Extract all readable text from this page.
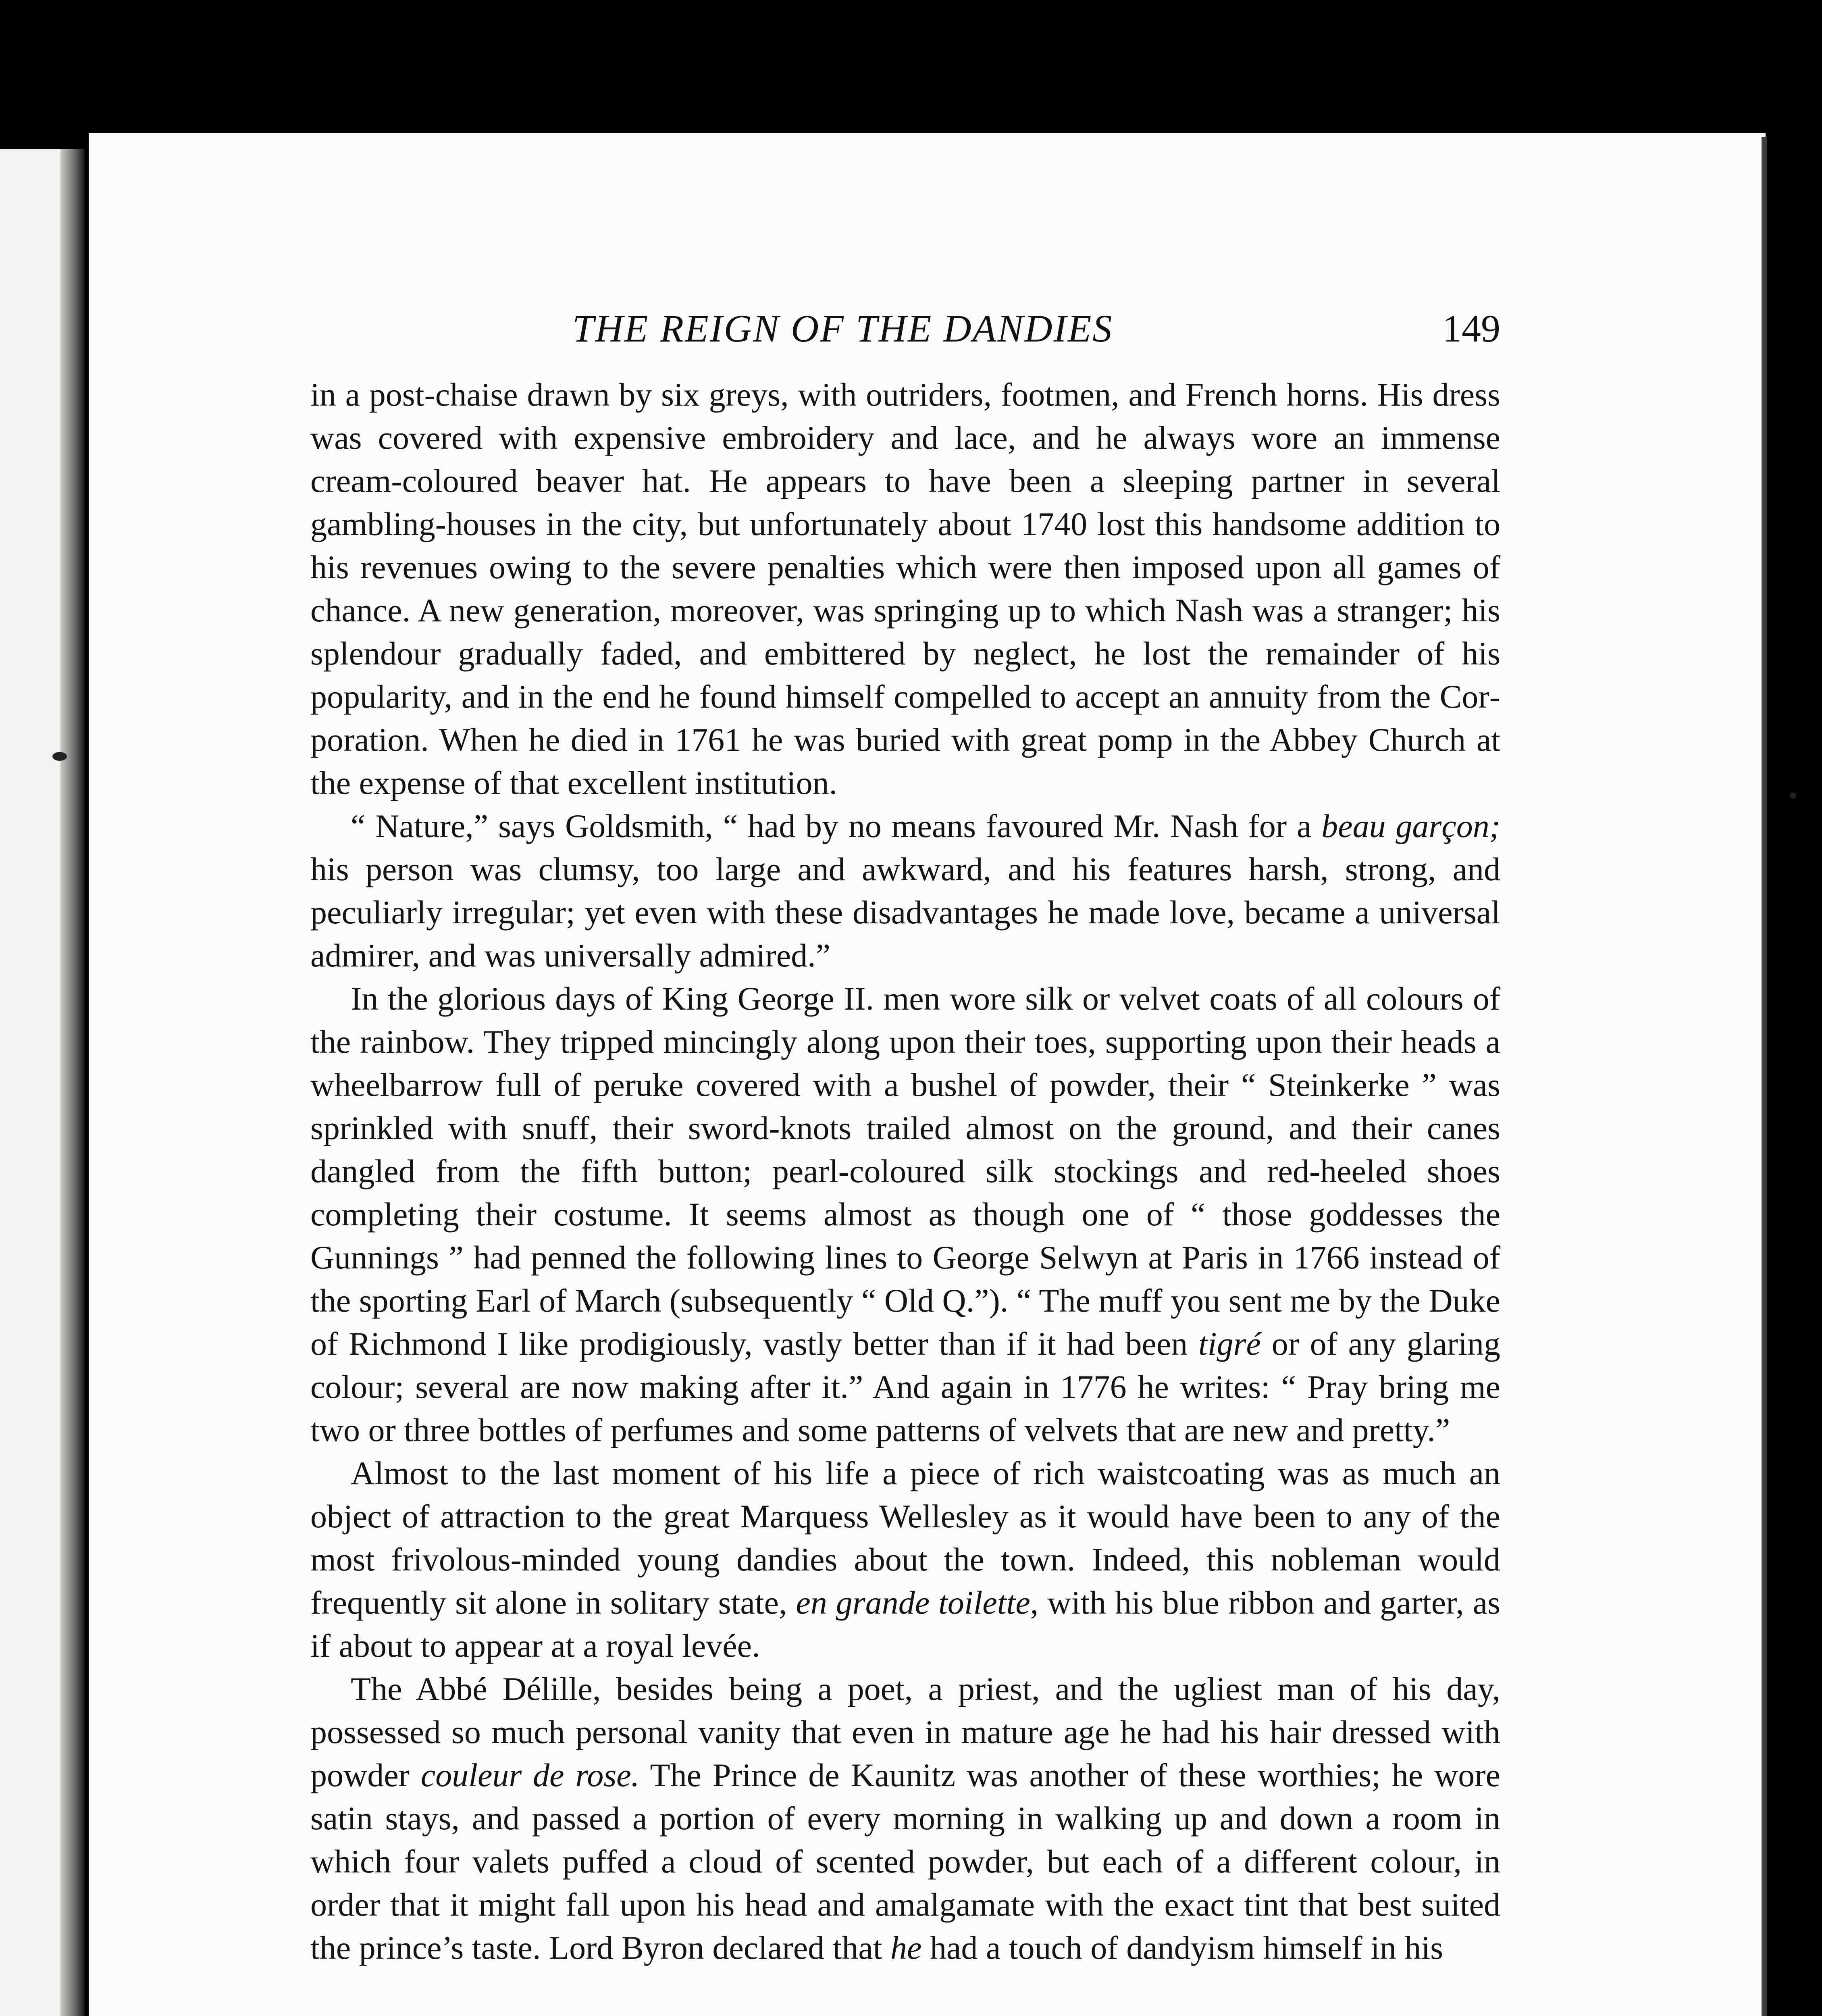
THE REIGN OF THE DANDIES	149

in a post-chaise drawn by six greys, with outriders, footmen, and French horns. His dress was covered with expensive embroidery and lace, and he always wore an immense cream-coloured beaver hat. He appears to have been a sleeping partner in several gambling-houses in the city, but unfortunately about 1740 lost this handsome addition to his revenues owing to the severe penalties which were then imposed upon all games of chance. A new generation, moreover, was springing up to which Nash was a stranger; his splendour gradually faded, and embittered by neglect, he lost the remainder of his popularity, and in the end he found himself compelled to accept an annuity from the Corporation. When he died in 1761 he was buried with great pomp in the Abbey Church at the expense of that excellent institution.

“ Nature,” says Goldsmith, “ had by no means favoured Mr. Nash for a beau garçon; his person was clumsy, too large and awkward, and his features harsh, strong, and peculiarly irregular; yet even with these disadvantages he made love, became a universal admirer, and was universally admired.”

In the glorious days of King George II. men wore silk or velvet coats of all colours of the rainbow. They tripped mincingly along upon their toes, supporting upon their heads a wheelbarrow full of peruke covered with a bushel of powder, their “ Steinkerke ” was sprinkled with snuff, their sword-knots trailed almost on the ground, and their canes dangled from the fifth button; pearl-coloured silk stockings and red-heeled shoes completing their costume. It seems almost as though one of “ those goddesses the Gunnings ” had penned the following lines to George Selwyn at Paris in 1766 instead of the sporting Earl of March (subsequently “ Old Q.”). “ The muff you sent me by the Duke of Richmond I like prodigiously, vastly better than if it had been tigré or of any glaring colour; several are now making after it.” And again in 1776 he writes: “ Pray bring me two or three bottles of perfumes and some patterns of velvets that are new and pretty.”

Almost to the last moment of his life a piece of rich waistcoating was as much an object of attraction to the great Marquess Wellesley as it would have been to any of the most frivolous-minded young dandies about the town. Indeed, this nobleman would frequently sit alone in solitary state, en grande toilette, with his blue ribbon and garter, as if about to appear at a royal levée.

The Abbé Délille, besides being a poet, a priest, and the ugliest man of his day, possessed so much personal vanity that even in mature age he had his hair dressed with powder couleur de rose. The Prince de Kaunitz was another of these worthies; he wore satin stays, and passed a portion of every morning in walking up and down a room in which four valets puffed a cloud of scented powder, but each of a different colour, in order that it might fall upon his head and amalgamate with the exact tint that best suited the prince’s taste. Lord Byron declared that he had a touch of dandyism himself in his
